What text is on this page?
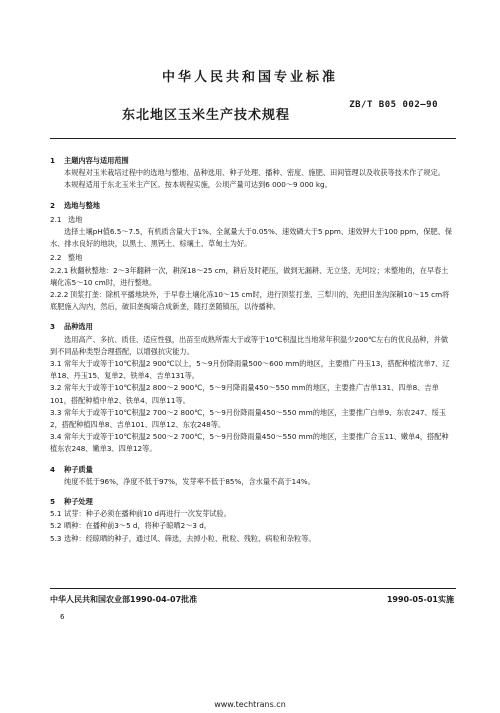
中华人民共和国专业标准
ZB/T B05 002—90
东北地区玉米生产技术规程
1 主题内容与适用范围
本规程对玉米栽培过程中的选地与整地、品种选用、种子处理、播种、密度、施肥、田间管理以及收获等技术作了规定。
本规程适用于东北玉米主产区。按本规程实施，公顷产量可达到6 000～9 000 kg。
2 选地与整地
2.1 选地
选择土壤pH值6.5～7.5，有机质含量大于1%、全氮量大于0.05%、速效磷大于5 ppm、速效钾大于100 ppm，保肥、保水、排水良好的地块，以黑土、黑钙土、棕壤土、草甸土为好。
2.2 整地
2.2.1 秋翻秋整地：2～3年翻耕一次，耕深18～25 cm，耕后及时耙压，做到无漏耕、无立垡、无坷垃；未整地的，在早春土壤化冻5～10 cm时，进行整地。
2.2.2 顶浆打垄：除机平播地块外，于早春土壤化冻10～15 cm时，进行顶浆打垄、三犁川的，先把旧垄沟深耥10～15 cm将底肥施入沟内，然后，破旧垄掏墒合成新垄，随打垄随镇压，以待播种。
3 品种选用
选用高产、多抗、质佳、适应性强，出苗至成熟所需大于或等于10℃积温比当地常年积温少200℃左右的优良品种，并做到不同品种类型合理搭配，以增强抗灾能力。
3.1 常年大于或等于10℃积温2 900℃以上，5～9月份降雨量500～600 mm的地区，主要推广丹玉13，搭配种植沈单7、辽单18、丹玉15、复单2、铁单4、吉单131等。
3.2 常年大于或等于10℃积温2 800～2 900℃，5～9月降雨量450～550 mm的地区，主要推广吉单131、四单8、吉单101，搭配种植中单2、铁单4、四单11等。
3.3 常年大于或等于10℃积温2 700～2 800℃，5～9月份降雨量450～550 mm的地区，主要推广白单9、东农247、绥玉2，搭配种植四单8、吉单101、四单12、东农248等。
3.4 常年大于或等于10℃积温2 500～2 700℃，5～9月份降雨量450～550 mm的地区，主要推广合玉11、嫩单4，搭配种植东农248、嫩单3、四单12等。
4 种子质量
纯度不低于96%，净度不低于97%，发芽率不低于85%，含水量不高于14%。
5 种子处理
5.1 试芽：种子必须在播种前10 d再进行一次发芽试验。
5.2 晒种：在播种前3～5 d，将种子晾晒2～3 d。
5.3 选种：经晾晒的种子，通过风、筛选，去掉小粒、秕粒、残粒、病粒和杂粒等。
中华人民共和国农业部1990-04-07批准	1990-05-01实施
6
www.techtrans.cn
